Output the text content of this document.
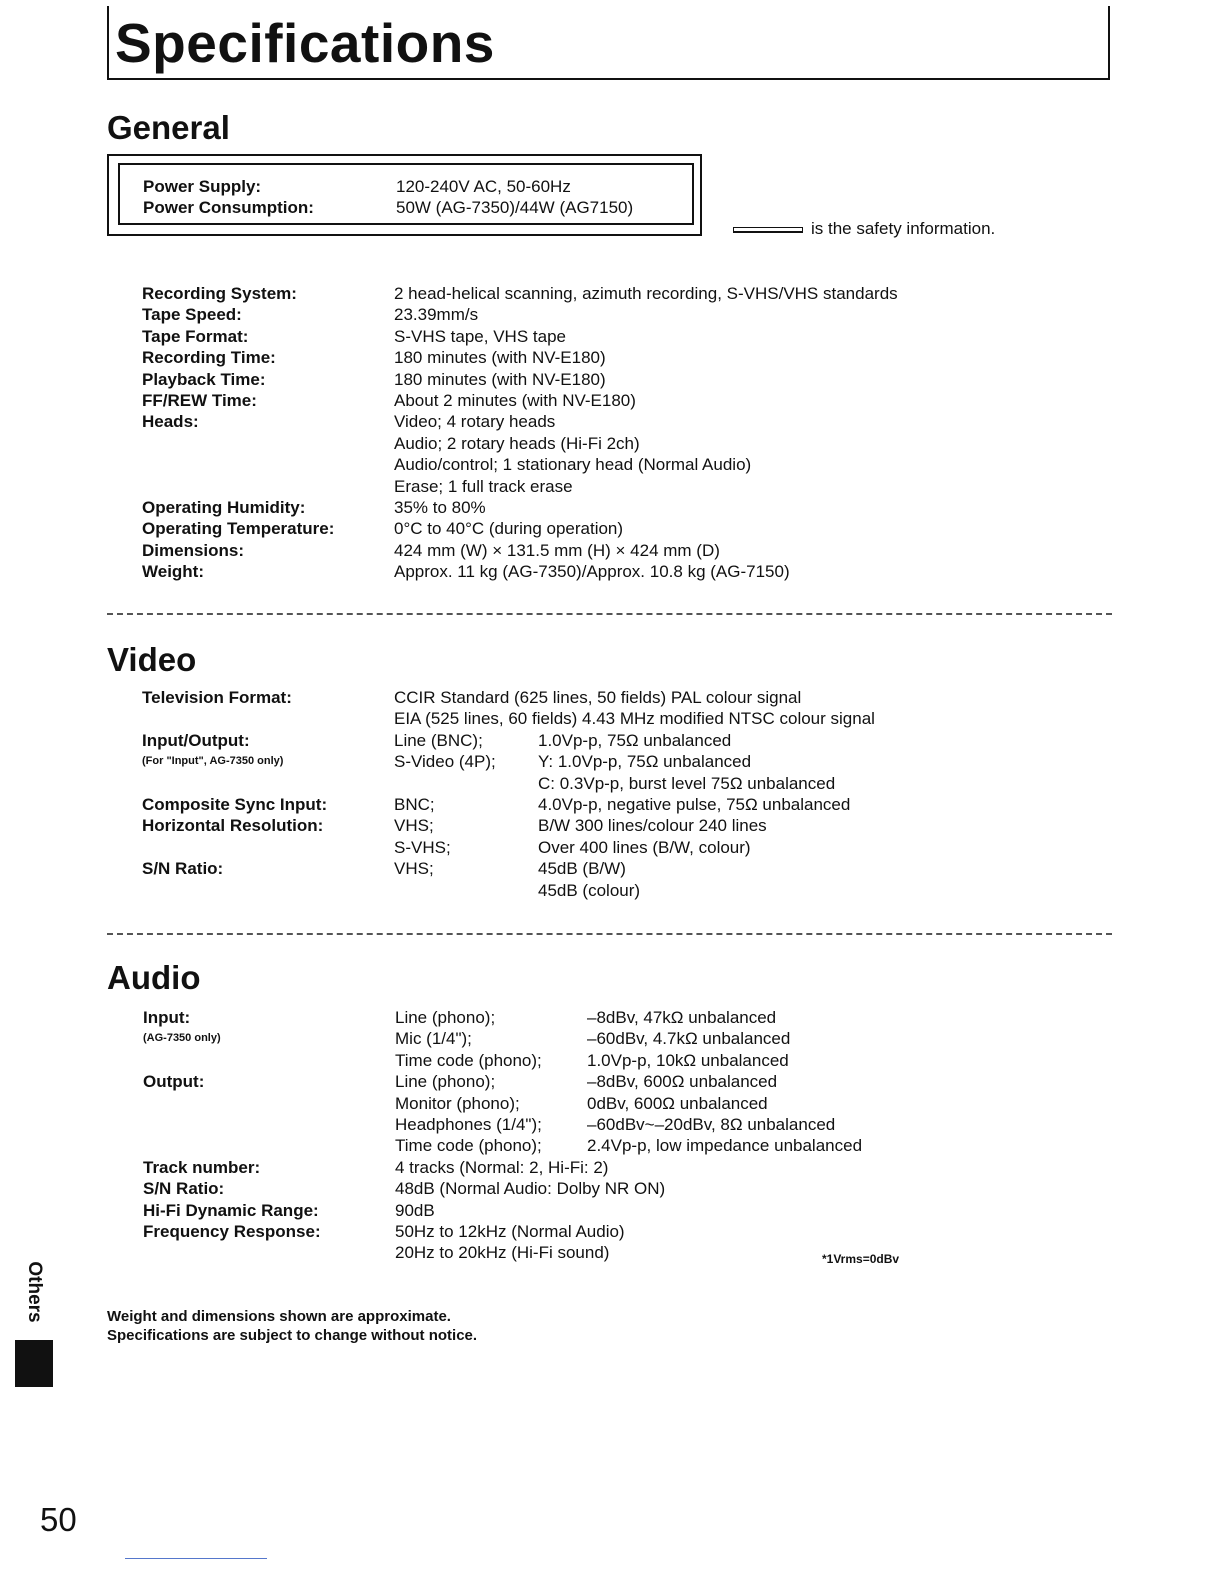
Specifications
General
Power Supply:	120-240V AC, 50-60Hz
Power Consumption:	50W (AG-7350)/44W (AG7150)
is the safety information.
Recording System:	2 head-helical scanning, azimuth recording, S-VHS/VHS standards
Tape Speed:	23.39mm/s
Tape Format:	S-VHS tape, VHS tape
Recording Time:	180 minutes (with NV-E180)
Playback Time:	180 minutes (with NV-E180)
FF/REW Time:	About 2 minutes (with NV-E180)
Heads:	Video; 4 rotary heads
Audio; 2 rotary heads (Hi-Fi 2ch)
Audio/control; 1 stationary head (Normal Audio)
Erase; 1 full track erase
Operating Humidity:	35% to 80%
Operating Temperature:	0°C to 40°C (during operation)
Dimensions:	424 mm (W) × 131.5 mm (H) × 424 mm (D)
Weight:	Approx. 11 kg (AG-7350)/Approx. 10.8 kg (AG-7150)
Video
Television Format:	CCIR Standard (625 lines, 50 fields) PAL colour signal
EIA (525 lines, 60 fields) 4.43 MHz modified NTSC colour signal
Input/Output:	Line (BNC);	1.0Vp-p, 75Ω unbalanced
(For "Input", AG-7350 only)	S-Video (4P); Y: 1.0Vp-p, 75Ω unbalanced
C: 0.3Vp-p, burst level 75Ω unbalanced
Composite Sync Input:	BNC;	4.0Vp-p, negative pulse, 75Ω unbalanced
Horizontal Resolution:	VHS;	B/W 300 lines/colour 240 lines
S-VHS;	Over 400 lines (B/W, colour)
S/N Ratio:	VHS;	45dB (B/W)
45dB (colour)
Audio
Input:	Line (phono);	–8dBv, 47kΩ unbalanced
(AG-7350 only)	Mic (1/4");	–60dBv, 4.7kΩ unbalanced
Time code (phono);	1.0Vp-p, 10kΩ unbalanced
Output:	Line (phono);	–8dBv, 600Ω unbalanced
Monitor (phono);	0dBv, 600Ω unbalanced
Headphones (1/4");	–60dBv~–20dBv, 8Ω unbalanced
Time code (phono);	2.4Vp-p, low impedance unbalanced
Track number:	4 tracks (Normal: 2, Hi-Fi: 2)
S/N Ratio:	48dB (Normal Audio: Dolby NR ON)
Hi-Fi Dynamic Range:	90dB
Frequency Response:	50Hz to 12kHz (Normal Audio)
20Hz to 20kHz (Hi-Fi sound)	*1Vrms=0dBv
Others	Weight and dimensions shown are approximate.
Specifications are subject to change without notice.
50
